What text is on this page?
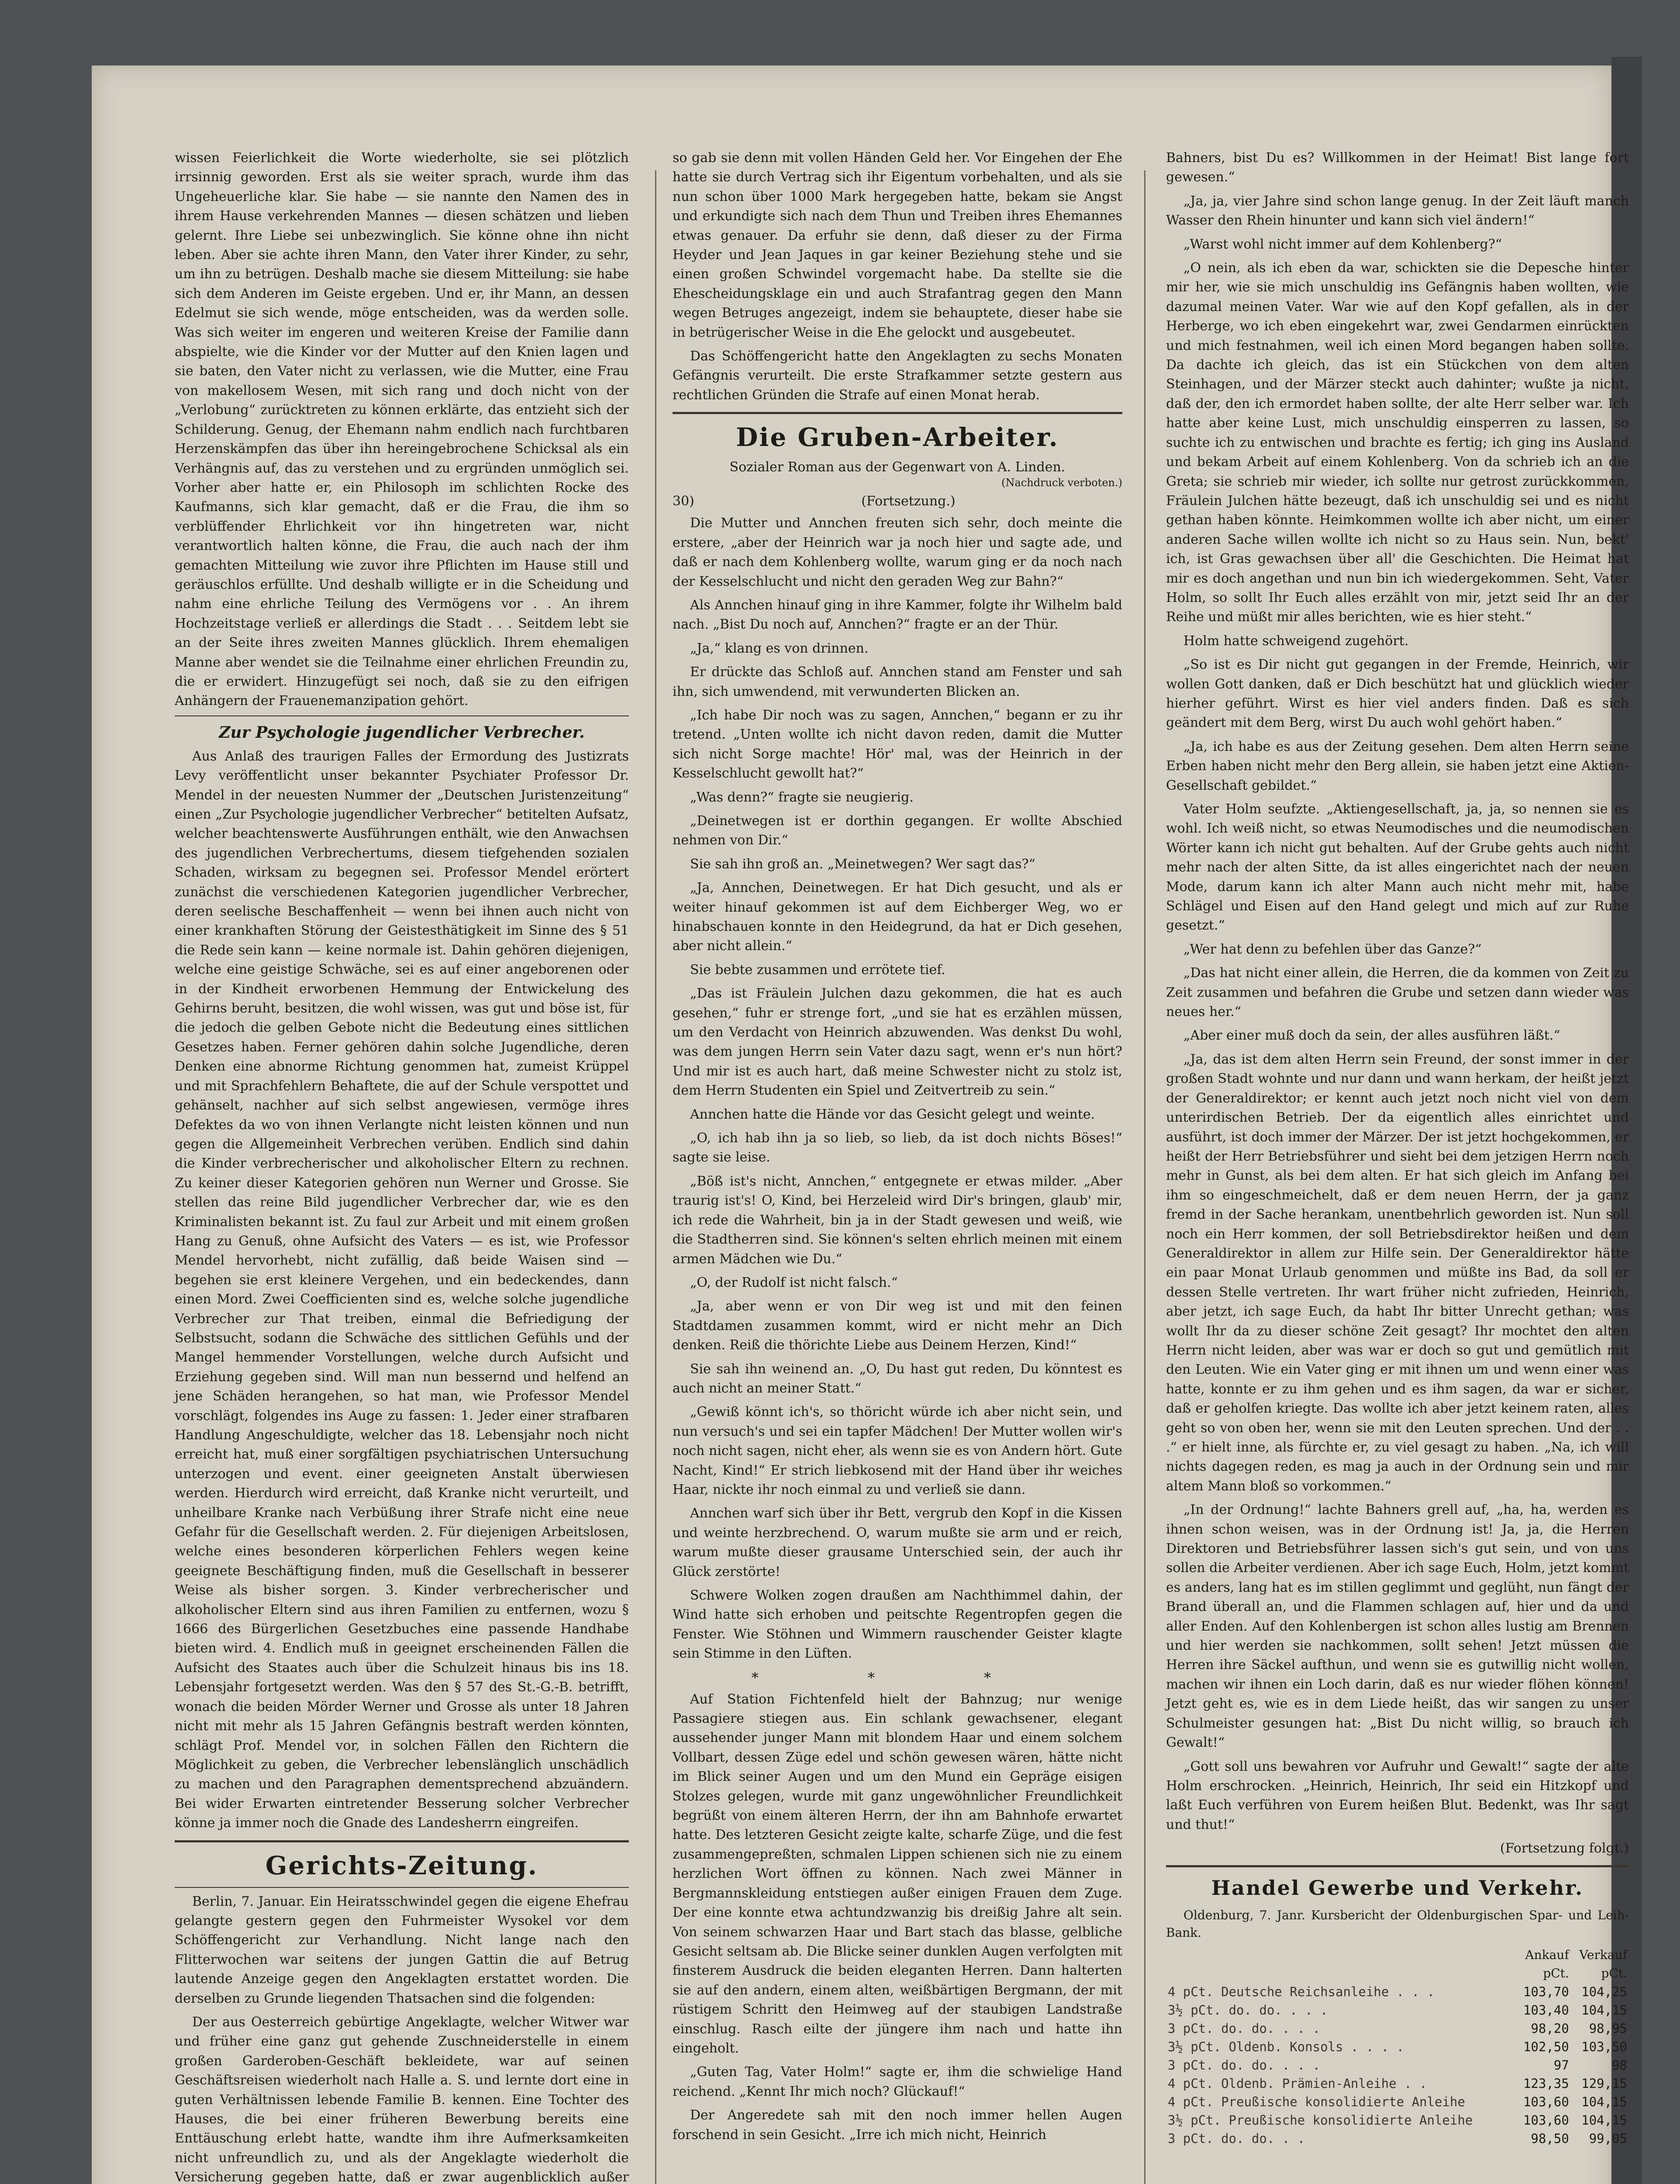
wissen Feierlichkeit die Worte wiederholte, sie sei plötzlich irrsinnig geworden. Erst als sie weiter sprach, wurde ihm das Ungeheuerliche klar. Sie habe — sie nannte den Namen des in ihrem Hause verkehrenden Mannes — diesen schätzen und lieben gelernt. Ihre Liebe sei unbezwinglich. Sie könne ohne ihn nicht leben. Aber sie achte ihren Mann, den Vater ihrer Kinder, zu sehr, um ihn zu betrügen. Deshalb mache sie diesem Mitteilung: sie habe sich dem Anderen im Geiste ergeben. Und er, ihr Mann, an dessen Edelmut sie sich wende, möge entscheiden, was da werden solle. Was sich weiter im engeren und weiteren Kreise der Familie dann abspielte, wie die Kinder vor der Mutter auf den Knien lagen und sie baten, den Vater nicht zu verlassen, wie die Mutter, eine Frau von makellosem Wesen, mit sich rang und doch nicht von der „Verlobung“ zurücktreten zu können erklärte, das entzieht sich der Schilderung. Genug, der Ehemann nahm endlich nach furchtbaren Herzenskämpfen das über ihn hereingebrochene Schicksal als ein Verhängnis auf, das zu verstehen und zu ergründen unmöglich sei. Vorher aber hatte er, ein Philosoph im schlichten Rocke des Kaufmanns, sich klar gemacht, daß er die Frau, die ihm so verblüffender Ehrlichkeit vor ihn hingetreten war, nicht verantwortlich halten könne, die Frau, die auch nach der ihm gemachten Mitteilung wie zuvor ihre Pflichten im Hause still und geräuschlos erfüllte. Und deshalb willigte er in die Scheidung und nahm eine ehrliche Teilung des Vermögens vor . . An ihrem Hochzeitstage verließ er allerdings die Stadt . . . Seitdem lebt sie an der Seite ihres zweiten Mannes glücklich. Ihrem ehemaligen Manne aber wendet sie die Teilnahme einer ehrlichen Freundin zu, die er erwidert. Hinzugefügt sei noch, daß sie zu den eifrigen Anhängern der Frauenemanzipation gehört.

Zur Psychologie jugendlicher Verbrecher.

Aus Anlaß des traurigen Falles der Ermordung des Justizrats Levy veröffentlicht unser bekannter Psychiater Professor Dr. Mendel in der neuesten Nummer der „Deutschen Juristenzeitung“ einen „Zur Psychologie jugendlicher Verbrecher“ betitelten Aufsatz, welcher beachtenswerte Ausführungen enthält, wie den Anwachsen des jugendlichen Verbrechertums, diesem tiefgehenden sozialen Schaden, wirksam zu begegnen sei. Professor Mendel erörtert zunächst die verschiedenen Kategorien jugendlicher Verbrecher, deren seelische Beschaffenheit — wenn bei ihnen auch nicht von einer krankhaften Störung der Geistesthätigkeit im Sinne des § 51 die Rede sein kann — keine normale ist. Dahin gehören diejenigen, welche eine geistige Schwäche, sei es auf einer angeborenen oder in der Kindheit erworbenen Hemmung der Entwickelung des Gehirns beruht, besitzen, die wohl wissen, was gut und böse ist, für die jedoch die gelben Gebote nicht die Bedeutung eines sittlichen Gesetzes haben. Ferner gehören dahin solche Jugendliche, deren Denken eine abnorme Richtung genommen hat, zumeist Krüppel und mit Sprachfehlern Behaftete, die auf der Schule verspottet und gehänselt, nachher auf sich selbst angewiesen, vermöge ihres Defektes da wo von ihnen Verlangte nicht leisten können und nun gegen die Allgemeinheit Verbrechen verüben. Endlich sind dahin die Kinder verbrecherischer und alkoholischer Eltern zu rechnen. Zu keiner dieser Kategorien gehören nun Werner und Grosse. Sie stellen das reine Bild jugendlicher Verbrecher dar, wie es den Kriminalisten bekannt ist. Zu faul zur Arbeit und mit einem großen Hang zu Genuß, ohne Aufsicht des Vaters — es ist, wie Professor Mendel hervorhebt, nicht zufällig, daß beide Waisen sind — begehen sie erst kleinere Vergehen, und ein bedeckendes, dann einen Mord. Zwei Coefficienten sind es, welche solche jugendliche Verbrecher zur That treiben, einmal die Befriedigung der Selbstsucht, sodann die Schwäche des sittlichen Gefühls und der Mangel hemmender Vorstellungen, welche durch Aufsicht und Erziehung gegeben sind. Will man nun bessernd und helfend an jene Schäden herangehen, so hat man, wie Professor Mendel vorschlägt, folgendes ins Auge zu fassen: 1. Jeder einer strafbaren Handlung Angeschuldigte, welcher das 18. Lebensjahr noch nicht erreicht hat, muß einer sorgfältigen psychiatrischen Untersuchung unterzogen und event. einer geeigneten Anstalt überwiesen werden. Hierdurch wird erreicht, daß Kranke nicht verurteilt, und unheilbare Kranke nach Verbüßung ihrer Strafe nicht eine neue Gefahr für die Gesellschaft werden. 2. Für diejenigen Arbeitslosen, welche eines besonderen körperlichen Fehlers wegen keine geeignete Beschäftigung finden, muß die Gesellschaft in besserer Weise als bisher sorgen. 3. Kinder verbrecherischer und alkoholischer Eltern sind aus ihren Familien zu entfernen, wozu § 1666 des Bürgerlichen Gesetzbuches eine passende Handhabe bieten wird. 4. Endlich muß in geeignet erscheinenden Fällen die Aufsicht des Staates auch über die Schulzeit hinaus bis ins 18. Lebensjahr fortgesetzt werden. Was den § 57 des St.-G.-B. betrifft, wonach die beiden Mörder Werner und Grosse als unter 18 Jahren nicht mit mehr als 15 Jahren Gefängnis bestraft werden könnten, schlägt Prof. Mendel vor, in solchen Fällen den Richtern die Möglichkeit zu geben, die Verbrecher lebenslänglich unschädlich zu machen und den Paragraphen dementsprechend abzuändern. Bei wider Erwarten eintretender Besserung solcher Verbrecher könne ja immer noch die Gnade des Landesherrn eingreifen.

Gerichts-Zeitung.

Berlin, 7. Januar. Ein Heiratsschwindel gegen die eigene Ehefrau gelangte gestern gegen den Fuhrmeister Wysokel vor dem Schöffengericht zur Verhandlung. Nicht lange nach den Flitterwochen war seitens der jungen Gattin die auf Betrug lautende Anzeige gegen den Angeklagten erstattet worden. Die derselben zu Grunde liegenden Thatsachen sind die folgenden:

Der aus Oesterreich gebürtige Angeklagte, welcher Witwer war und früher eine ganz gut gehende Zuschneiderstelle in einem großen Garderoben-Geschäft bekleidete, war auf seinen Geschäftsreisen wiederholt nach Halle a. S. und lernte dort eine in guten Verhältnissen lebende Familie B. kennen. Eine Tochter des Hauses, die bei einer früheren Bewerbung bereits eine Enttäuschung erlebt hatte, wandte ihm ihre Aufmerksamkeiten nicht unfreundlich zu, und als der Angeklagte wiederholt die Versicherung gegeben hatte, daß er zwar augenblicklich außer

so gab sie denn mit vollen Händen Geld her. Vor Eingehen der Ehe hatte sie durch Vertrag sich ihr Eigentum vorbehalten, und als sie nun schon über 1000 Mark hergegeben hatte, bekam sie Angst und erkundigte sich nach dem Thun und Treiben ihres Ehemannes etwas genauer. Da erfuhr sie denn, daß dieser zu der Firma Heyder und Jean Jaques in gar keiner Beziehung stehe und sie einen großen Schwindel vorgemacht habe. Da stellte sie die Ehescheidungsklage ein und auch Strafantrag gegen den Mann wegen Betruges angezeigt, indem sie behauptete, dieser habe sie in betrügerischer Weise in die Ehe gelockt und ausgebeutet.

Das Schöffengericht hatte den Angeklagten zu sechs Monaten Gefängnis verurteilt. Die erste Strafkammer setzte gestern aus rechtlichen Gründen die Strafe auf einen Monat herab.

Die Gruben-Arbeiter.

Sozialer Roman aus der Gegenwart von A. Linden.

(Nachdruck verboten.)

30)	(Fortsetzung.)

Die Mutter und Annchen freuten sich sehr, doch meinte die erstere, „aber der Heinrich war ja noch hier und sagte ade, und daß er nach dem Kohlenberg wollte, warum ging er da noch nach der Kesselschlucht und nicht den geraden Weg zur Bahn?“

Als Annchen hinauf ging in ihre Kammer, folgte ihr Wilhelm bald nach. „Bist Du noch auf, Annchen?“ fragte er an der Thür.

„Ja,“ klang es von drinnen.

Er drückte das Schloß auf. Annchen stand am Fenster und sah ihn, sich umwendend, mit verwunderten Blicken an.

„Ich habe Dir noch was zu sagen, Annchen,“ begann er zu ihr tretend. „Unten wollte ich nicht davon reden, damit die Mutter sich nicht Sorge machte! Hör' mal, was der Heinrich in der Kesselschlucht gewollt hat?“

„Was denn?“ fragte sie neugierig.

„Deinetwegen ist er dorthin gegangen. Er wollte Abschied nehmen von Dir.“

Sie sah ihn groß an. „Meinetwegen? Wer sagt das?“

„Ja, Annchen, Deinetwegen. Er hat Dich gesucht, und als er weiter hinauf gekommen ist auf dem Eichberger Weg, wo er hinabschauen konnte in den Heidegrund, da hat er Dich gesehen, aber nicht allein.“

Sie bebte zusammen und errötete tief.

„Das ist Fräulein Julchen dazu gekommen, die hat es auch gesehen,“ fuhr er strenge fort, „und sie hat es erzählen müssen, um den Verdacht von Heinrich abzuwenden. Was denkst Du wohl, was dem jungen Herrn sein Vater dazu sagt, wenn er's nun hört? Und mir ist es auch hart, daß meine Schwester nicht zu stolz ist, dem Herrn Studenten ein Spiel und Zeitvertreib zu sein.“

Annchen hatte die Hände vor das Gesicht gelegt und weinte.

„O, ich hab ihn ja so lieb, so lieb, da ist doch nichts Böses!“ sagte sie leise.

„Böß ist's nicht, Annchen,“ entgegnete er etwas milder. „Aber traurig ist's! O, Kind, bei Herzeleid wird Dir's bringen, glaub' mir, ich rede die Wahrheit, bin ja in der Stadt gewesen und weiß, wie die Stadtherren sind. Sie können's selten ehrlich meinen mit einem armen Mädchen wie Du.“

„O, der Rudolf ist nicht falsch.“

„Ja, aber wenn er von Dir weg ist und mit den feinen Stadtdamen zusammen kommt, wird er nicht mehr an Dich denken. Reiß die thörichte Liebe aus Deinem Herzen, Kind!“

Sie sah ihn weinend an. „O, Du hast gut reden, Du könntest es auch nicht an meiner Statt.“

„Gewiß könnt ich's, so thöricht würde ich aber nicht sein, und nun versuch's und sei ein tapfer Mädchen! Der Mutter wollen wir's noch nicht sagen, nicht eher, als wenn sie es von Andern hört. Gute Nacht, Kind!“ Er strich liebkosend mit der Hand über ihr weiches Haar, nickte ihr noch einmal zu und verließ sie dann.

Annchen warf sich über ihr Bett, vergrub den Kopf in die Kissen und weinte herzbrechend. O, warum mußte sie arm und er reich, warum mußte dieser grausame Unterschied sein, der auch ihr Glück zerstörte!

Schwere Wolken zogen draußen am Nachthimmel dahin, der Wind hatte sich erhoben und peitschte Regentropfen gegen die Fenster. Wie Stöhnen und Wimmern rauschender Geister klagte sein Stimme in den Lüften.

* * *

Auf Station Fichtenfeld hielt der Bahnzug; nur wenige Passagiere stiegen aus. Ein schlank gewachsener, elegant aussehender junger Mann mit blondem Haar und einem solchem Vollbart, dessen Züge edel und schön gewesen wären, hätte nicht im Blick seiner Augen und um den Mund ein Gepräge eisigen Stolzes gelegen, wurde mit ganz ungewöhnlicher Freundlichkeit begrüßt von einem älteren Herrn, der ihn am Bahnhofe erwartet hatte. Des letzteren Gesicht zeigte kalte, scharfe Züge, und die fest zusammengepreßten, schmalen Lippen schienen sich nie zu einem herzlichen Wort öffnen zu können. Nach zwei Männer in Bergmannskleidung entstiegen außer einigen Frauen dem Zuge. Der eine konnte etwa achtundzwanzig bis dreißig Jahre alt sein. Von seinem schwarzen Haar und Bart stach das blasse, gelbliche Gesicht seltsam ab. Die Blicke seiner dunklen Augen verfolgten mit finsterem Ausdruck die beiden eleganten Herren. Dann halterten sie auf den andern, einem alten, weißbärtigen Bergmann, der mit rüstigem Schritt den Heimweg auf der staubigen Landstraße einschlug. Rasch eilte der jüngere ihm nach und hatte ihn eingeholt.

„Guten Tag, Vater Holm!“ sagte er, ihm die schwielige Hand reichend. „Kennt Ihr mich noch? Glückauf!“

Der Angeredete sah mit den noch immer hellen Augen forschend in sein Gesicht. „Irre ich mich nicht, Heinrich

Bahners, bist Du es? Willkommen in der Heimat! Bist lange fort gewesen.“

„Ja, ja, vier Jahre sind schon lange genug. In der Zeit läuft manch Wasser den Rhein hinunter und kann sich viel ändern!“

„Warst wohl nicht immer auf dem Kohlenberg?“

„O nein, als ich eben da war, schickten sie die Depesche hinter mir her, wie sie mich unschuldig ins Gefängnis haben wollten, wie dazumal meinen Vater. War wie auf den Kopf gefallen, als in der Herberge, wo ich eben eingekehrt war, zwei Gendarmen einrückten und mich festnahmen, weil ich einen Mord begangen haben sollte. Da dachte ich gleich, das ist ein Stückchen von dem alten Steinhagen, und der Märzer steckt auch dahinter; wußte ja nicht, daß der, den ich ermordet haben sollte, der alte Herr selber war. Ich hatte aber keine Lust, mich unschuldig einsperren zu lassen, so suchte ich zu entwischen und brachte es fertig; ich ging ins Ausland und bekam Arbeit auf einem Kohlenberg. Von da schrieb ich an die Greta; sie schrieb mir wieder, ich sollte nur getrost zurückkommen, Fräulein Julchen hätte bezeugt, daß ich unschuldig sei und es nicht gethan haben könnte. Heimkommen wollte ich aber nicht, um einer anderen Sache willen wollte ich nicht so zu Haus sein. Nun, bekt' ich, ist Gras gewachsen über all' die Geschichten. Die Heimat hat mir es doch angethan und nun bin ich wiedergekommen. Seht, Vater Holm, so sollt Ihr Euch alles erzählt von mir, jetzt seid Ihr an der Reihe und müßt mir alles berichten, wie es hier steht.“

Holm hatte schweigend zugehört.

„So ist es Dir nicht gut gegangen in der Fremde, Heinrich, wir wollen Gott danken, daß er Dich beschützt hat und glücklich wieder hierher geführt. Wirst es hier viel anders finden. Daß es sich geändert mit dem Berg, wirst Du auch wohl gehört haben.“

„Ja, ich habe es aus der Zeitung gesehen. Dem alten Herrn seine Erben haben nicht mehr den Berg allein, sie haben jetzt eine Aktien-Gesellschaft gebildet.“

Vater Holm seufzte. „Aktiengesellschaft, ja, ja, so nennen sie es wohl. Ich weiß nicht, so etwas Neumodisches und die neumodischen Wörter kann ich nicht gut behalten. Auf der Grube gehts auch nicht mehr nach der alten Sitte, da ist alles eingerichtet nach der neuen Mode, darum kann ich alter Mann auch nicht mehr mit, habe Schlägel und Eisen auf den Hand gelegt und mich auf zur Ruhe gesetzt.“

„Wer hat denn zu befehlen über das Ganze?“

„Das hat nicht einer allein, die Herren, die da kommen von Zeit zu Zeit zusammen und befahren die Grube und setzen dann wieder was neues her.“

„Aber einer muß doch da sein, der alles ausführen läßt.“

„Ja, das ist dem alten Herrn sein Freund, der sonst immer in der großen Stadt wohnte und nur dann und wann herkam, der heißt jetzt der Generaldirektor; er kennt auch jetzt noch nicht viel von dem unterirdischen Betrieb. Der da eigentlich alles einrichtet und ausführt, ist doch immer der Märzer. Der ist jetzt hochgekommen, er heißt der Herr Betriebsführer und sieht bei dem jetzigen Herrn noch mehr in Gunst, als bei dem alten. Er hat sich gleich im Anfang bei ihm so eingeschmeichelt, daß er dem neuen Herrn, der ja ganz fremd in der Sache herankam, unentbehrlich geworden ist. Nun soll noch ein Herr kommen, der soll Betriebsdirektor heißen und dem Generaldirektor in allem zur Hilfe sein. Der Generaldirektor hätte ein paar Monat Urlaub genommen und müßte ins Bad, da soll er dessen Stelle vertreten. Ihr wart früher nicht zufrieden, Heinrich, aber jetzt, ich sage Euch, da habt Ihr bitter Unrecht gethan; was wollt Ihr da zu dieser schöne Zeit gesagt? Ihr mochtet den alten Herrn nicht leiden, aber was war er doch so gut und gemütlich mit den Leuten. Wie ein Vater ging er mit ihnen um und wenn einer was hatte, konnte er zu ihm gehen und es ihm sagen, da war er sicher, daß er geholfen kriegte. Das wollte ich aber jetzt keinem raten, alles geht so von oben her, wenn sie mit den Leuten sprechen. Und der . . .“ er hielt inne, als fürchte er, zu viel gesagt zu haben. „Na, ich will nichts dagegen reden, es mag ja auch in der Ordnung sein und mir altem Mann bloß so vorkommen.“

„In der Ordnung!“ lachte Bahners grell auf, „ha, ha, werden es ihnen schon weisen, was in der Ordnung ist! Ja, ja, die Herren Direktoren und Betriebsführer lassen sich's gut sein, und von uns sollen die Arbeiter verdienen. Aber ich sage Euch, Holm, jetzt kommt es anders, lang hat es im stillen geglimmt und geglüht, nun fängt der Brand überall an, und die Flammen schlagen auf, hier und da und aller Enden. Auf den Kohlenbergen ist schon alles lustig am Brennen und hier werden sie nachkommen, sollt sehen! Jetzt müssen die Herren ihre Säckel aufthun, und wenn sie es gutwillig nicht wollen, machen wir ihnen ein Loch darin, daß es nur wieder flöhen können! Jetzt geht es, wie es in dem Liede heißt, das wir sangen zu unser Schulmeister gesungen hat: „Bist Du nicht willig, so brauch ich Gewalt!“

„Gott soll uns bewahren vor Aufruhr und Gewalt!“ sagte der alte Holm erschrocken. „Heinrich, Heinrich, Ihr seid ein Hitzkopf und laßt Euch verführen von Eurem heißen Blut. Bedenkt, was Ihr sagt und thut!“

(Fortsetzung folgt.)

Handel Gewerbe und Verkehr.

Oldenburg, 7. Janr. Kursbericht der Oldenburgischen Spar- und Leih-Bank.

	Ankauf	Verkauf
	pCt.	pCt.
4 pCt. Deutsche Reichsanleihe . . .	103,70	104,25
3½ pCt. do. do. . . .	103,40	104,15
3 pCt. do. do. . . .	98,20	98,95
3½ pCt. Oldenb. Konsols . . . .	102,50	103,50
3 pCt. do. do. . . .	97	98
4 pCt. Oldenb. Prämien-Anleihe . .	123,35	129,15
4 pCt. Preußische konsolidierte Anleihe	103,60	104,15
3½ pCt. Preußische konsolidierte Anleihe	103,60	104,15
3 pCt. do. do. . .	98,50	99,05
